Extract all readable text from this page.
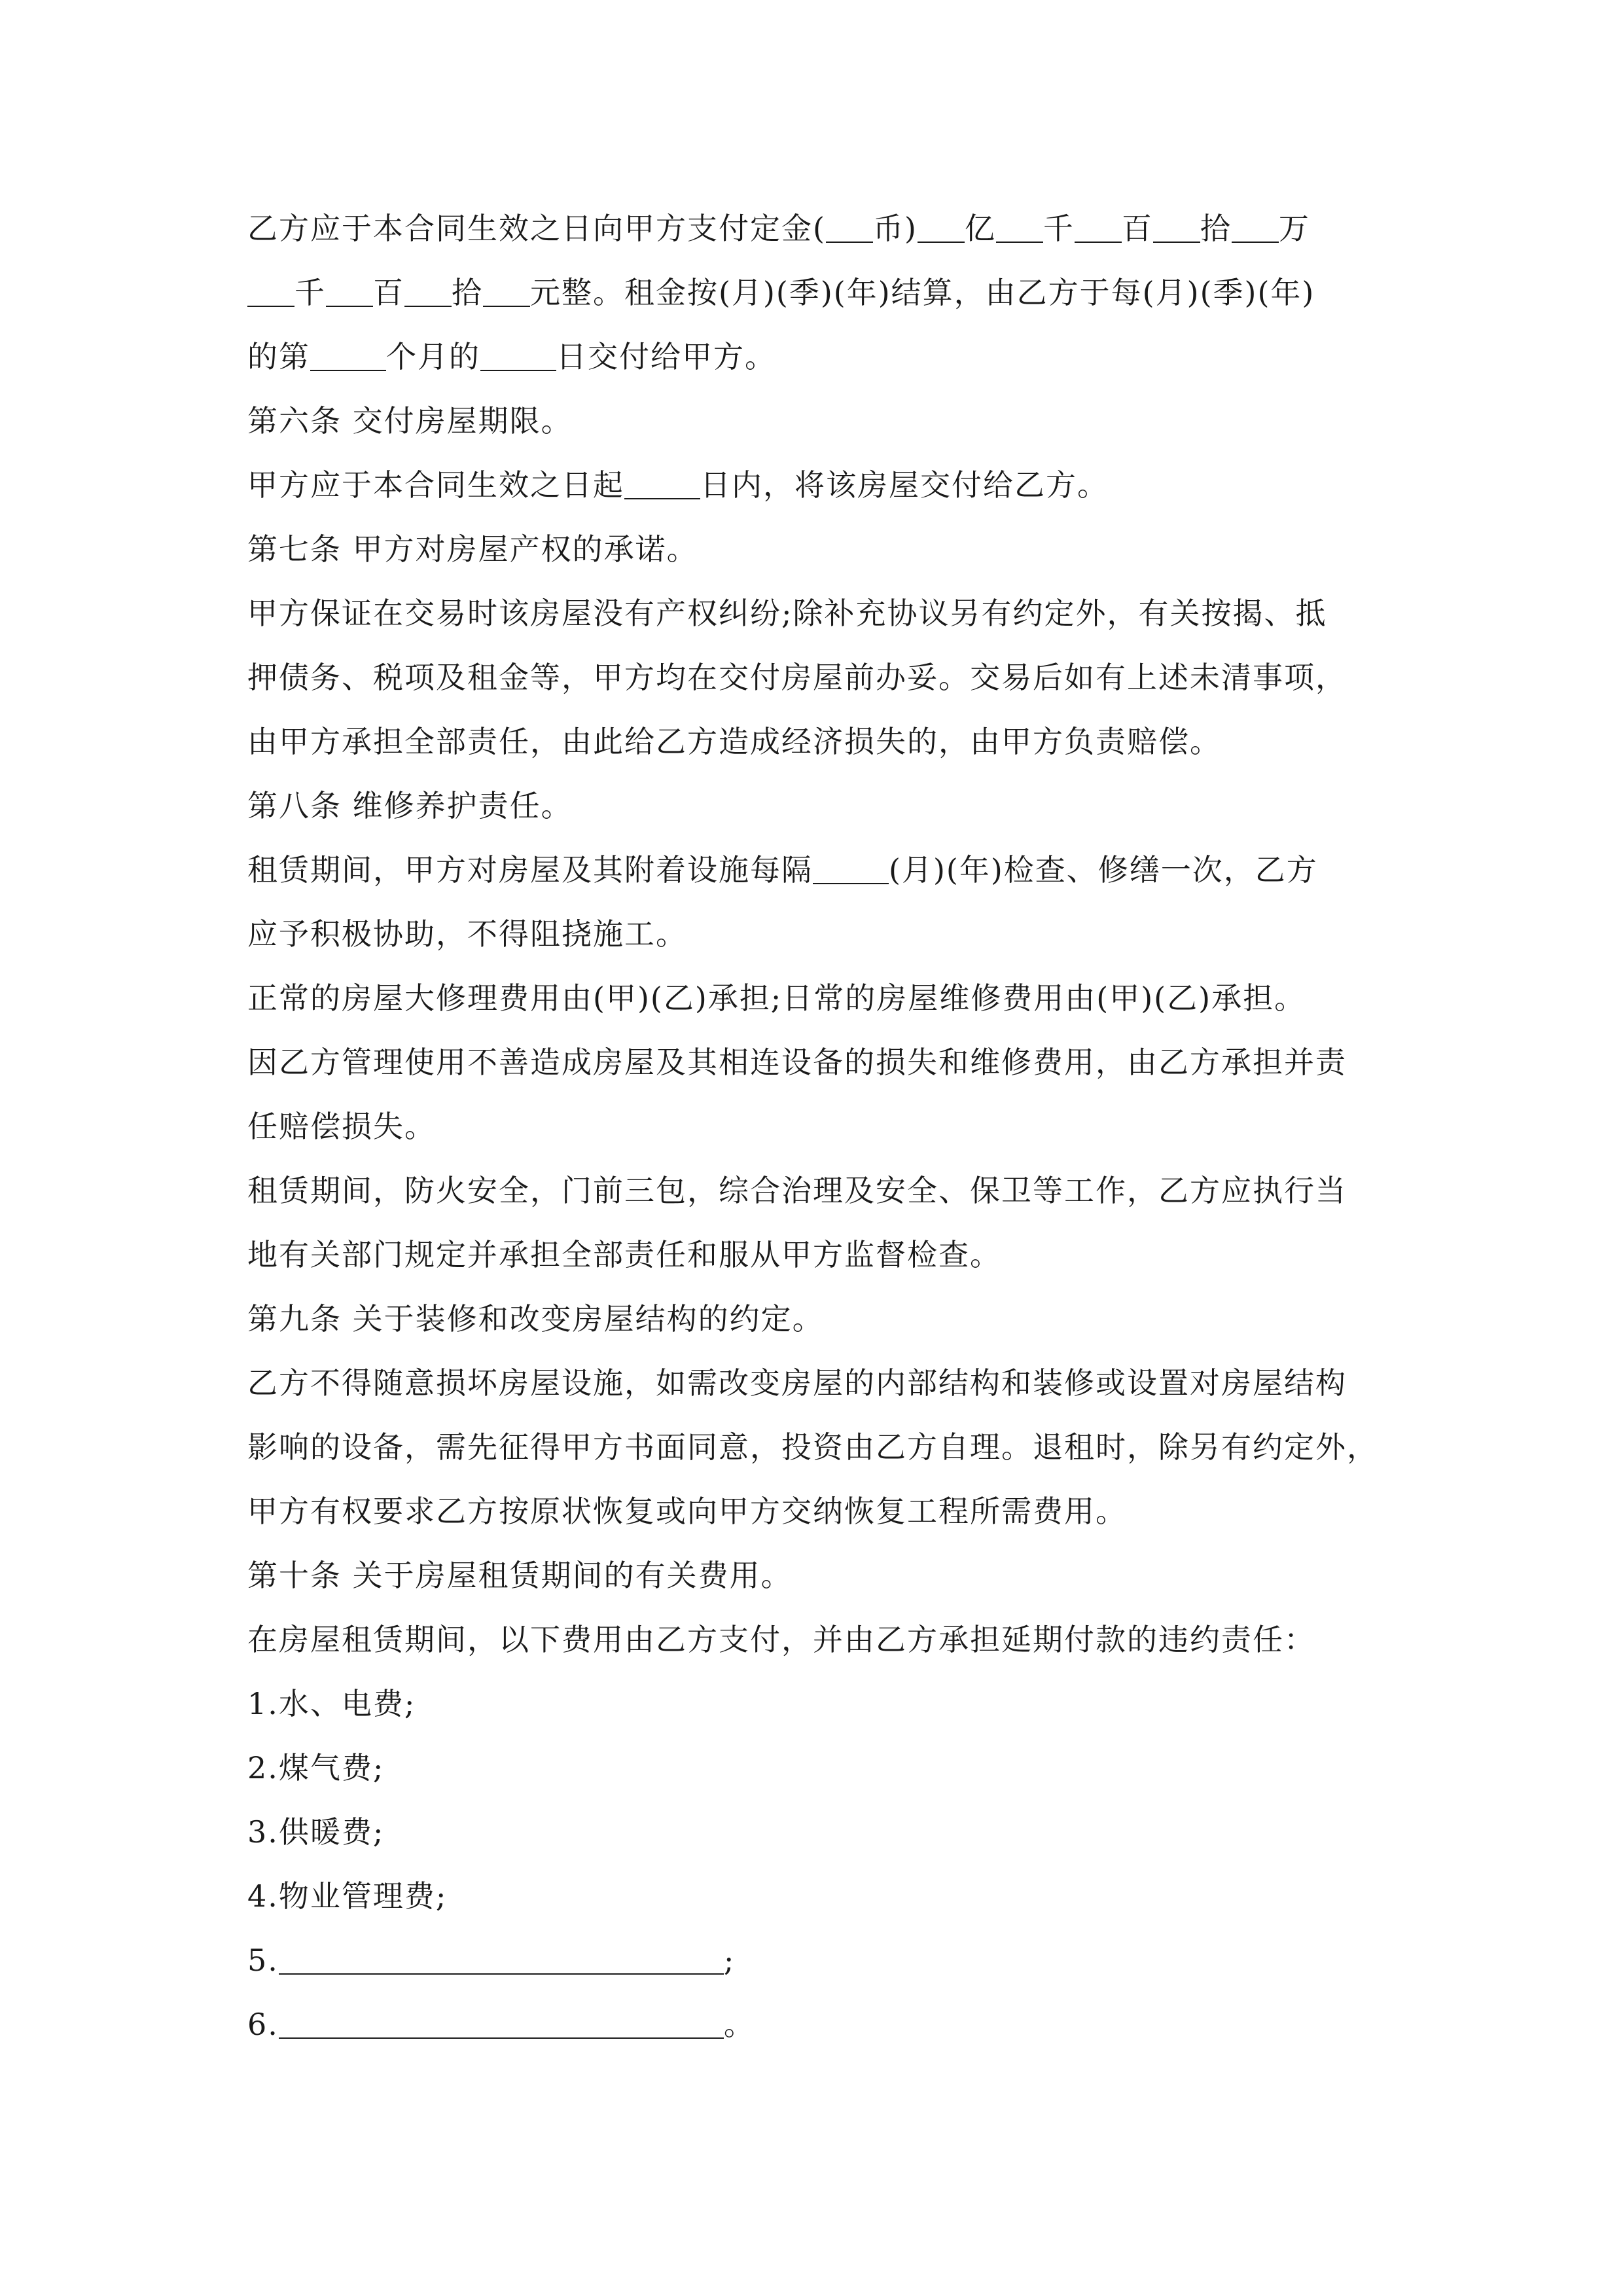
乙方应于本合同生效之日向甲方支付定金( 币) 亿 千 百 拾 万
千 百 拾 元整。租金按(月)(季)(年)结算，由乙方于每(月)(季)(年)
的第	个月的	日交付给甲方。
第六条 交付房屋期限。
甲方应于本合同生效之日起	日内，将该房屋交付给乙方。
第七条 甲方对房屋产权的承诺。
甲方保证在交易时该房屋没有产权纠纷;除补充协议另有约定外，有关按揭、抵
押债务、税项及租金等，甲方均在交付房屋前办妥。交易后如有上述未清事项，
由甲方承担全部责任，由此给乙方造成经济损失的，由甲方负责赔偿。
第八条 维修养护责任。
租赁期间，甲方对房屋及其附着设施每隔	(月)(年)检查、修缮一次，乙方
应予积极协助，不得阻挠施工。
正常的房屋大修理费用由(甲)(乙)承担;日常的房屋维修费用由(甲)(乙)承担。
因乙方管理使用不善造成房屋及其相连设备的损失和维修费用，由乙方承担并责
任赔偿损失。
租赁期间，防火安全，门前三包，综合治理及安全、保卫等工作，乙方应执行当
地有关部门规定并承担全部责任和服从甲方监督检查。
第九条 关于装修和改变房屋结构的约定。
乙方不得随意损坏房屋设施，如需改变房屋的内部结构和装修或设置对房屋结构
影响的设备，需先征得甲方书面同意，投资由乙方自理。退租时，除另有约定外，
甲方有权要求乙方按原状恢复或向甲方交纳恢复工程所需费用。
第十条 关于房屋租赁期间的有关费用。
在房屋租赁期间，以下费用由乙方支付，并由乙方承担延期付款的违约责任：
1.水、电费;
2.煤气费;
3.供暖费;
4.物业管理费;
5.	;
6.	。
